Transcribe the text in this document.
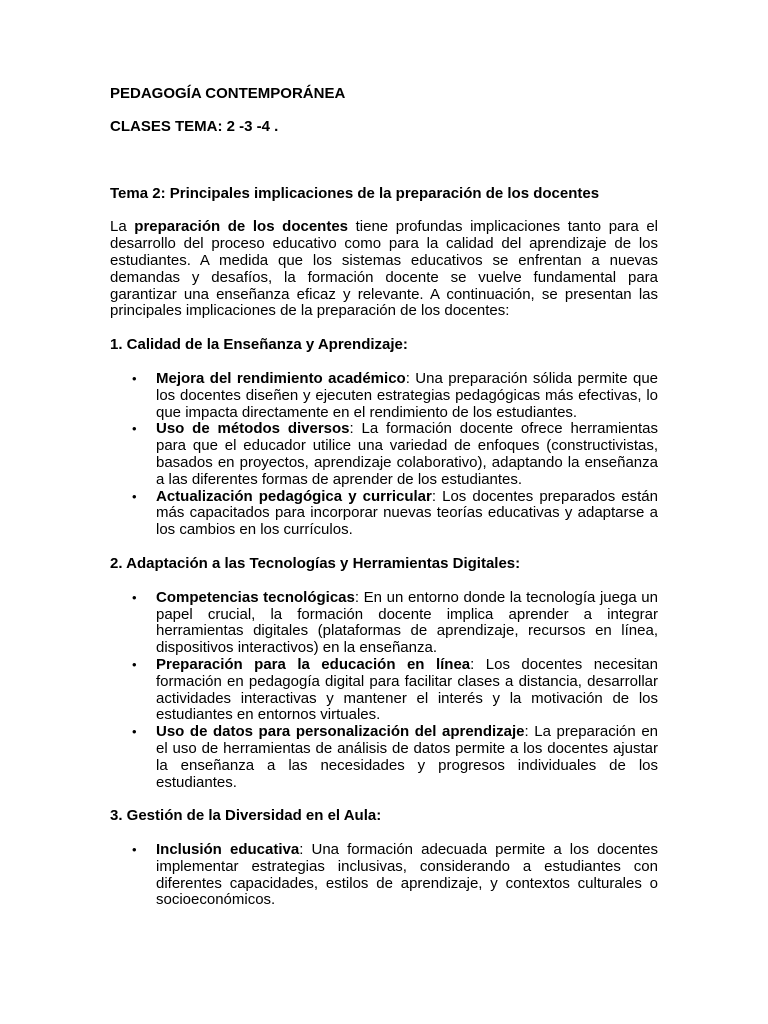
PEDAGOGÍA CONTEMPORÁNEA

CLASES TEMA: 2 -3 -4 .

Tema 2: Principales implicaciones de la preparación de los docentes

La preparación de los docentes tiene profundas implicaciones tanto para el desarrollo del proceso educativo como para la calidad del aprendizaje de los estudiantes. A medida que los sistemas educativos se enfrentan a nuevas demandas y desafíos, la formación docente se vuelve fundamental para garantizar una enseñanza eficaz y relevante. A continuación, se presentan las principales implicaciones de la preparación de los docentes:

1. Calidad de la Enseñanza y Aprendizaje:

• Mejora del rendimiento académico: Una preparación sólida permite que los docentes diseñen y ejecuten estrategias pedagógicas más efectivas, lo que impacta directamente en el rendimiento de los estudiantes.
• Uso de métodos diversos: La formación docente ofrece herramientas para que el educador utilice una variedad de enfoques (constructivistas, basados en proyectos, aprendizaje colaborativo), adaptando la enseñanza a las diferentes formas de aprender de los estudiantes.
• Actualización pedagógica y curricular: Los docentes preparados están más capacitados para incorporar nuevas teorías educativas y adaptarse a los cambios en los currículos.

2. Adaptación a las Tecnologías y Herramientas Digitales:

• Competencias tecnológicas: En un entorno donde la tecnología juega un papel crucial, la formación docente implica aprender a integrar herramientas digitales (plataformas de aprendizaje, recursos en línea, dispositivos interactivos) en la enseñanza.
• Preparación para la educación en línea: Los docentes necesitan formación en pedagogía digital para facilitar clases a distancia, desarrollar actividades interactivas y mantener el interés y la motivación de los estudiantes en entornos virtuales.
• Uso de datos para personalización del aprendizaje: La preparación en el uso de herramientas de análisis de datos permite a los docentes ajustar la enseñanza a las necesidades y progresos individuales de los estudiantes.

3. Gestión de la Diversidad en el Aula:

• Inclusión educativa: Una formación adecuada permite a los docentes implementar estrategias inclusivas, considerando a estudiantes con diferentes capacidades, estilos de aprendizaje, y contextos culturales o socioeconómicos.
